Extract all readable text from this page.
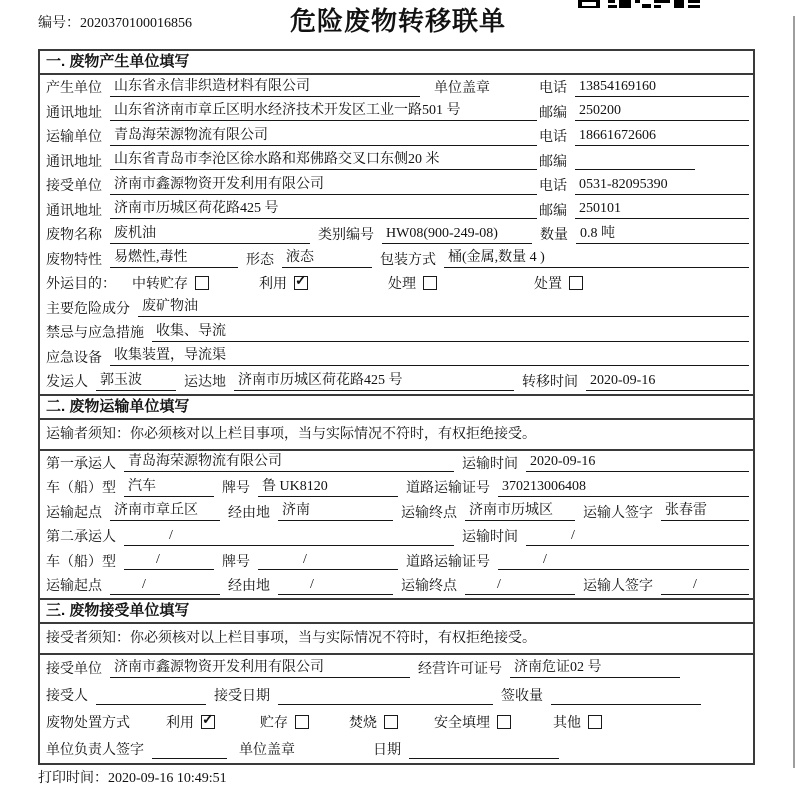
编号：2020370100016856	危险废物转移联单
一. 废物产生单位填写
产生单位 山东省永信非织造材料有限公司	单位盖章	电话 13854169160
通讯地址 山东省济南市章丘区明水经济技术开发区工业一路501 号	邮编 250200
运输单位 青岛海荣源物流有限公司	电话 18661672606
通讯地址 山东省青岛市李沧区徐水路和郑佛路交叉口东侧20 米	邮编
接受单位 济南市鑫源物资开发利用有限公司	电话 0531-82095390
通讯地址 济南市历城区荷花路425 号	邮编 250101
废物名称 废机油	类别编号 HW08(900-249-08)	数量 0.8 吨
废物特性 易燃性,毒性	形态 液态	包装方式 桶(金属,数量 4 )
外运目的： 中转贮存	利用 ✓	处理	处置
主要危险成分 废矿物油
禁忌与应急措施 收集、导流
应急设备 收集装置，导流渠
发运人 郭玉波	运达地 济南市历城区荷花路425 号	转移时间 2020-09-16
二. 废物运输单位填写
运输者须知：你必须核对以上栏目事项，当与实际情况不符时，有权拒绝接受。
第一承运人 青岛海荣源物流有限公司	运输时间 2020-09-16
车（船）型 汽车	牌号 鲁 UK8120	道路运输证号 370213006408
运输起点 济南市章丘区	经由地 济南	运输终点 济南市历城区	运输人签字 张春雷
第二承运人	/	运输时间	/
车（船）型	/	牌号	/	道路运输证号	/
运输起点	/	经由地	/	运输终点	/	运输人签字	/
三. 废物接受单位填写
接受者须知：你必须核对以上栏目事项，当与实际情况不符时，有权拒绝接受。
接受单位 济南市鑫源物资开发利用有限公司	经营许可证号 济南危证02 号
接受人	接受日期	签收量
废物处置方式	利用 ✓	贮存	焚烧	安全填埋	其他
单位负责人签字	单位盖章	日期
打印时间：2020-09-16 10:49:51
